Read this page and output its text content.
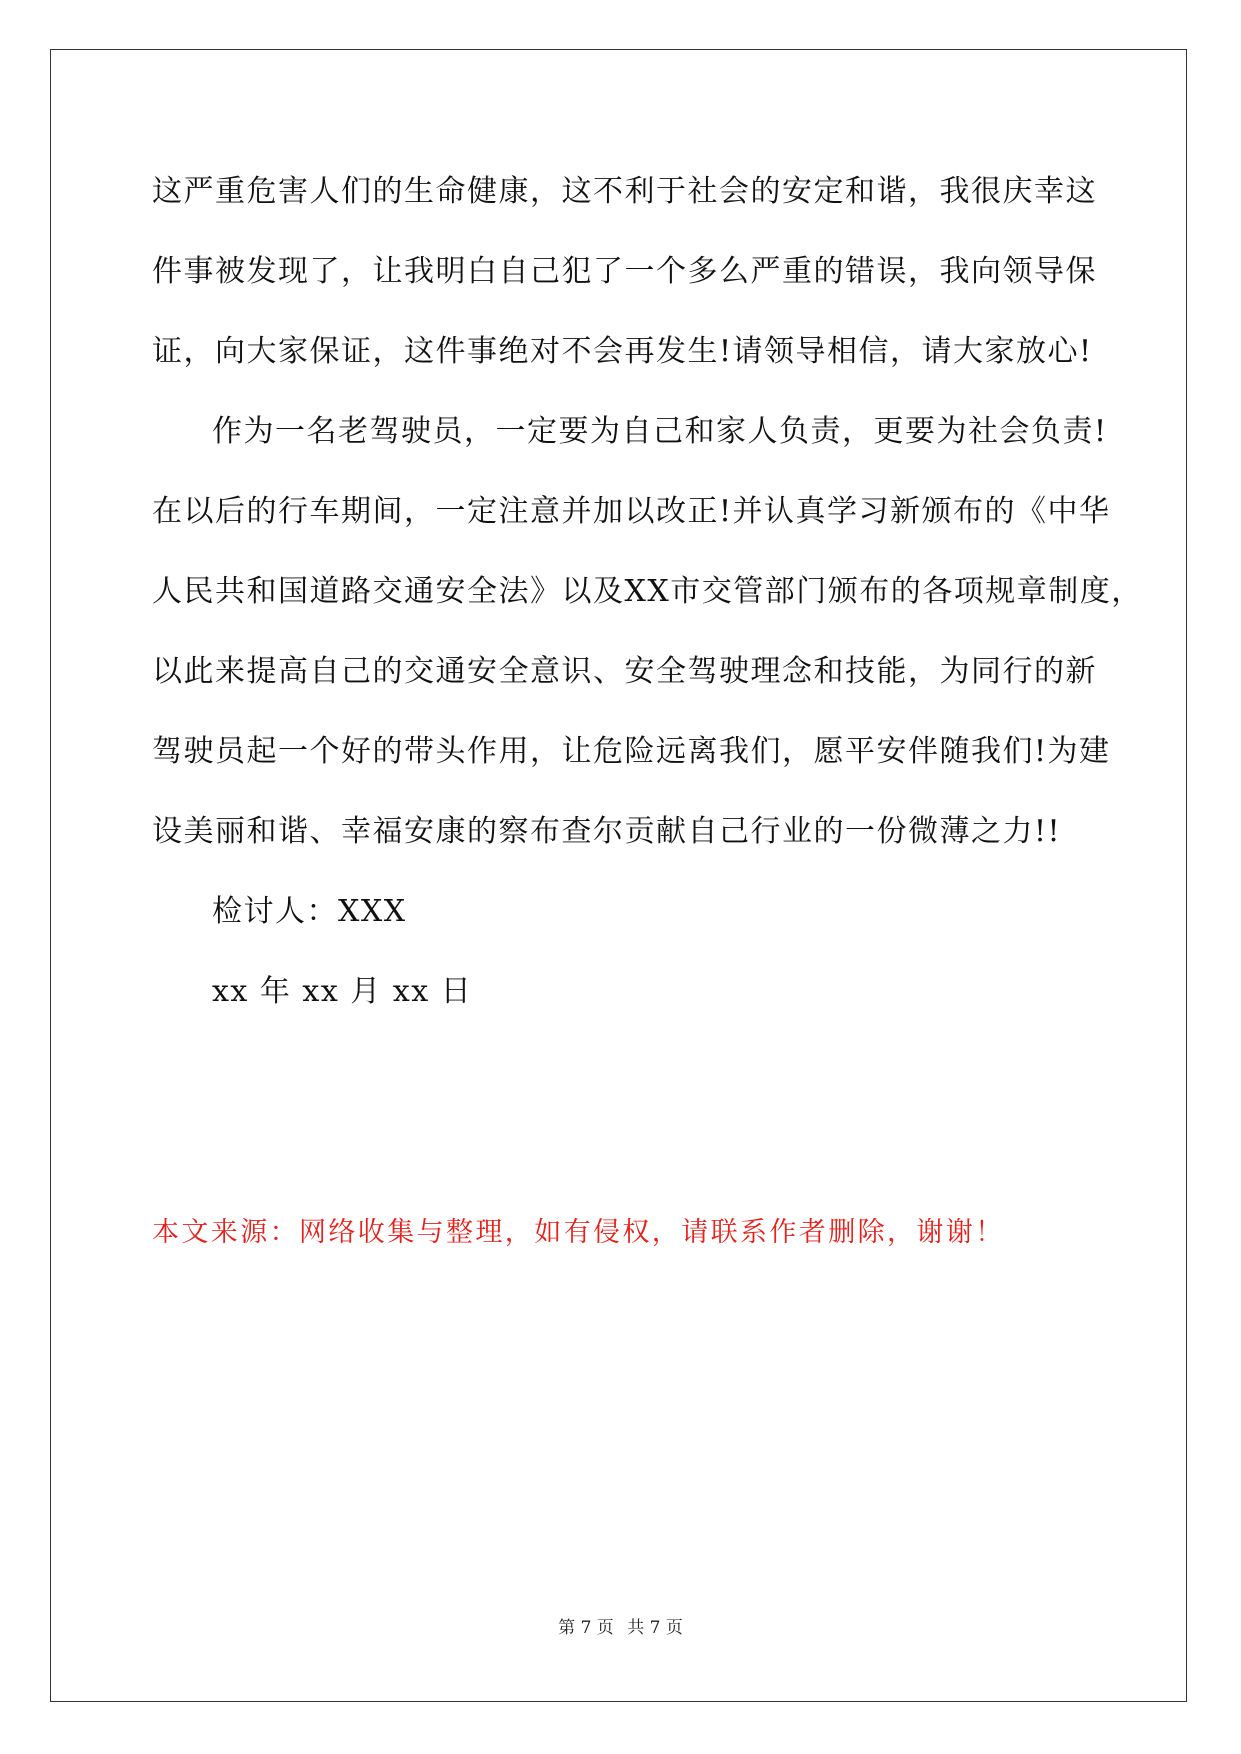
这严重危害人们的生命健康，这不利于社会的安定和谐，我很庆幸这
件事被发现了，让我明白自己犯了一个多么严重的错误，我向领导保
证，向大家保证，这件事绝对不会再发生!请领导相信，请大家放心!
作为一名老驾驶员，一定要为自己和家人负责，更要为社会负责!
在以后的行车期间，一定注意并加以改正!并认真学习新颁布的《中华
人民共和国道路交通安全法》以及XX市交管部门颁布的各项规章制度，
以此来提高自己的交通安全意识、安全驾驶理念和技能，为同行的新
驾驶员起一个好的带头作用，让危险远离我们，愿平安伴随我们!为建
设美丽和谐、幸福安康的察布查尔贡献自己行业的一份微薄之力!!
检讨人：XXX
xx 年 xx 月 xx 日
本文来源：网络收集与整理，如有侵权，请联系作者删除，谢谢！
第 7 页 共 7 页
